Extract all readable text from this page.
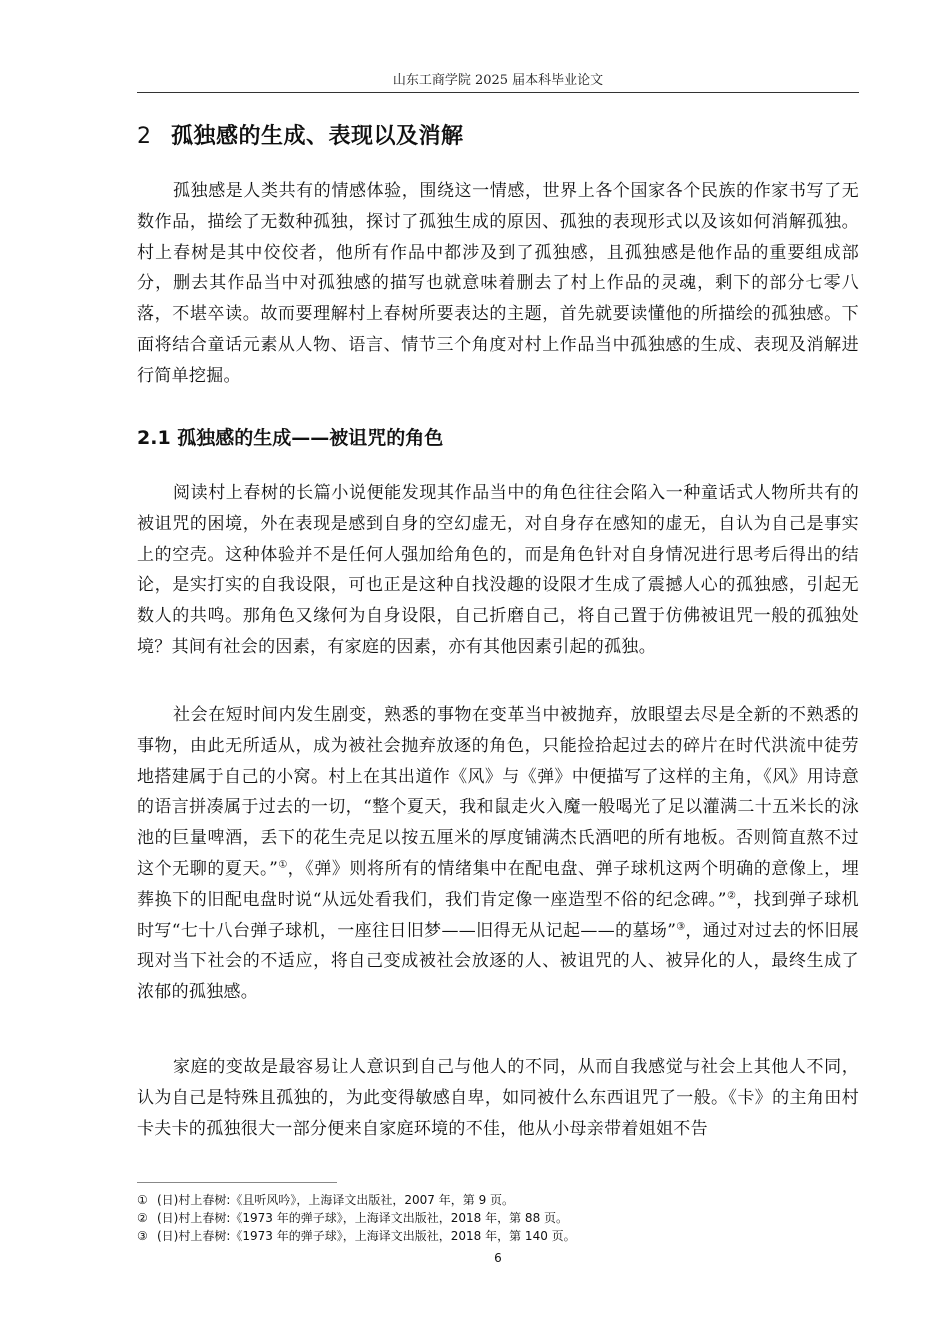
山东工商学院 2025 届本科毕业论文
2 孤独感的生成、表现以及消解

孤独感是人类共有的情感体验，围绕这一情感，世界上各个国家各个民族的作家书写了无数作品，描绘了无数种孤独，探讨了孤独生成的原因、孤独的表现形式以及该如何消解孤独。村上春树是其中佼佼者，他所有作品中都涉及到了孤独感，且孤独感是他作品的重要组成部分，删去其作品当中对孤独感的描写也就意味着删去了村上作品的灵魂，剩下的部分七零八落，不堪卒读。故而要理解村上春树所要表达的主题，首先就要读懂他的所描绘的孤独感。下面将结合童话元素从人物、语言、情节三个角度对村上作品当中孤独感的生成、表现及消解进行简单挖掘。

2.1 孤独感的生成——被诅咒的角色

阅读村上春树的长篇小说便能发现其作品当中的角色往往会陷入一种童话式人物所共有的被诅咒的困境，外在表现是感到自身的空幻虚无，对自身存在感知的虚无，自认为自己是事实上的空壳。这种体验并不是任何人强加给角色的，而是角色针对自身情况进行思考后得出的结论，是实打实的自我设限，可也正是这种自找没趣的设限才生成了震撼人心的孤独感，引起无数人的共鸣。那角色又缘何为自身设限，自己折磨自己，将自己置于仿佛被诅咒一般的孤独处境？其间有社会的因素，有家庭的因素，亦有其他因素引起的孤独。

社会在短时间内发生剧变，熟悉的事物在变革当中被抛弃，放眼望去尽是全新的不熟悉的事物，由此无所适从，成为被社会抛弃放逐的角色，只能捡拾起过去的碎片在时代洪流中徒劳地搭建属于自己的小窝。村上在其出道作《风》与《弹》中便描写了这样的主角，《风》用诗意的语言拼凑属于过去的一切，“整个夏天，我和鼠走火入魔一般喝光了足以灌满二十五米长的泳池的巨量啤酒，丢下的花生壳足以按五厘米的厚度铺满杰氏酒吧的所有地板。否则简直熬不过这个无聊的夏天。”①，《弹》则将所有的情绪集中在配电盘、弹子球机这两个明确的意像上，埋葬换下的旧配电盘时说“从远处看我们，我们肯定像一座造型不俗的纪念碑。”②，找到弹子球机时写“七十八台弹子球机，一座往日旧梦——旧得无从记起——的墓场”③，通过对过去的怀旧展现对当下社会的不适应，将自己变成被社会放逐的人、被诅咒的人、被异化的人，最终生成了浓郁的孤独感。

家庭的变故是最容易让人意识到自己与他人的不同，从而自我感觉与社会上其他人不同，认为自己是特殊且孤独的，为此变得敏感自卑，如同被什么东西诅咒了一般。《卡》的主角田村卡夫卡的孤独很大一部分便来自家庭环境的不佳，他从小母亲带着姐姐不告

① (日)村上春树:《且听风吟》，上海译文出版社，2007 年，第 9 页。
② (日)村上春树:《1973 年的弹子球》，上海译文出版社，2018 年，第 88 页。
③ (日)村上春树:《1973 年的弹子球》，上海译文出版社，2018 年，第 140 页。
6
